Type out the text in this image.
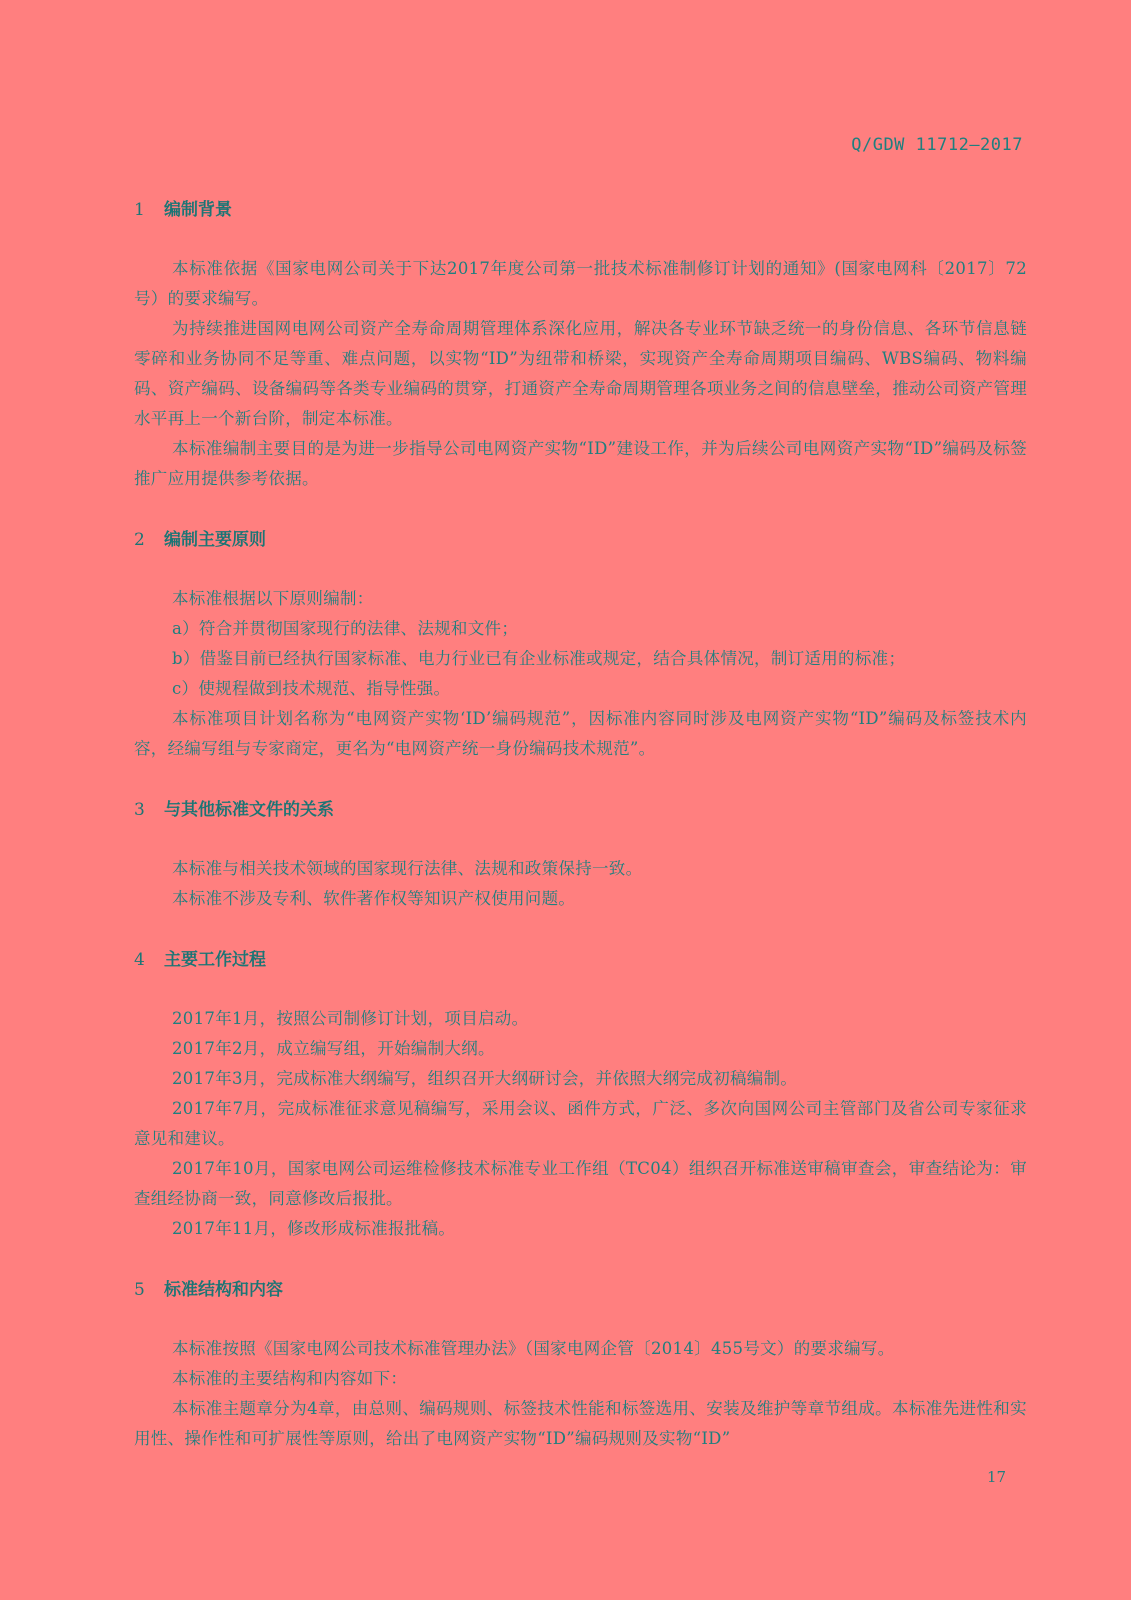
Q/GDW 11712—2017
1 编制背景
本标准依据《国家电网公司关于下达2017年度公司第一批技术标准制修订计划的通知》(国家电网科〔2017〕72号）的要求编写。
为持续推进国网电网公司资产全寿命周期管理体系深化应用，解决各专业环节缺乏统一的身份信息、各环节信息链零碎和业务协同不足等重、难点问题，以实物“ID”为纽带和桥梁，实现资产全寿命周期项目编码、WBS编码、物料编码、资产编码、设备编码等各类专业编码的贯穿，打通资产全寿命周期管理各项业务之间的信息壁垒，推动公司资产管理水平再上一个新台阶，制定本标准。
本标准编制主要目的是为进一步指导公司电网资产实物“ID”建设工作，并为后续公司电网资产实物“ID”编码及标签推广应用提供参考依据。
2 编制主要原则
本标准根据以下原则编制：
a）符合并贯彻国家现行的法律、法规和文件；
b）借鉴目前已经执行国家标准、电力行业已有企业标准或规定，结合具体情况，制订适用的标准；
c）使规程做到技术规范、指导性强。
本标准项目计划名称为“电网资产实物‘ID’编码规范”，因标准内容同时涉及电网资产实物“ID”编码及标签技术内容，经编写组与专家商定，更名为“电网资产统一身份编码技术规范”。
3 与其他标准文件的关系
本标准与相关技术领域的国家现行法律、法规和政策保持一致。
本标准不涉及专利、软件著作权等知识产权使用问题。
4 主要工作过程
2017年1月，按照公司制修订计划，项目启动。
2017年2月，成立编写组，开始编制大纲。
2017年3月，完成标准大纲编写，组织召开大纲研讨会，并依照大纲完成初稿编制。
2017年7月，完成标准征求意见稿编写，采用会议、函件方式，广泛、多次向国网公司主管部门及省公司专家征求意见和建议。
2017年10月，国家电网公司运维检修技术标准专业工作组（TC04）组织召开标准送审稿审查会，审查结论为：审查组经协商一致，同意修改后报批。
2017年11月，修改形成标准报批稿。
5 标准结构和内容
本标准按照《国家电网公司技术标准管理办法》（国家电网企管〔2014〕455号文）的要求编写。
本标准的主要结构和内容如下：
本标准主题章分为4章，由总则、编码规则、标签技术性能和标签选用、安装及维护等章节组成。本标准先进性和实用性、操作性和可扩展性等原则，给出了电网资产实物“ID”编码规则及实物“ID”
17
